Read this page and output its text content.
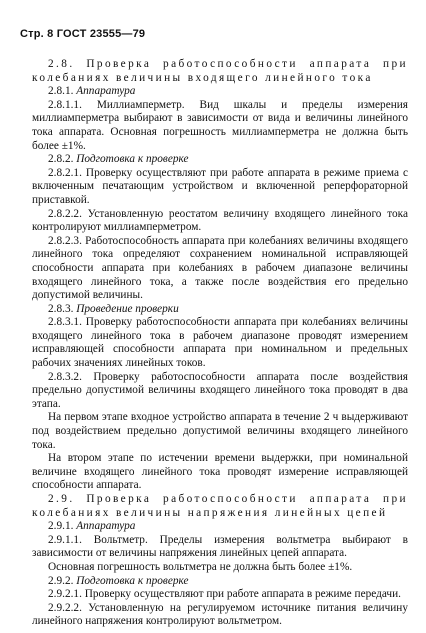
Стр. 8 ГОСТ 23555—79

2.8. Проверка работоспособности аппарата при колебаниях величины входящего линейного тока

2.8.1. Аппаратура

2.8.1.1. Миллиамперметр. Вид шкалы и пределы измерения миллиамперметра выбирают в зависимости от вида и величины линейного тока аппарата. Основная погрешность миллиамперметра не должна быть более ±1%.

2.8.2. Подготовка к проверке

2.8.2.1. Проверку осуществляют при работе аппарата в режиме приема с включенным печатающим устройством и включенной реперфораторной приставкой.

2.8.2.2. Установленную реостатом величину входящего линейного тока контролируют миллиамперметром.

2.8.2.3. Работоспособность аппарата при колебаниях величины входящего линейного тока определяют сохранением номинальной исправляющей способности аппарата при колебаниях в рабочем диапазоне величины входящего линейного тока, а также после воздействия его предельно допустимой величины.

2.8.3. Проведение проверки

2.8.3.1. Проверку работоспособности аппарата при колебаниях величины входящего линейного тока в рабочем диапазоне проводят измерением исправляющей способности аппарата при номинальном и предельных рабочих значениях линейных токов.

2.8.3.2. Проверку работоспособности аппарата после воздействия предельно допустимой величины входящего линейного тока проводят в два этапа.

На первом этапе входное устройство аппарата в течение 2 ч выдерживают под воздействием предельно допустимой величины входящего линейного тока.

На втором этапе по истечении времени выдержки, при номинальной величине входящего линейного тока проводят измерение исправляющей способности аппарата.

2.9. Проверка работоспособности аппарата при колебаниях величины напряжения линейных цепей

2.9.1. Аппаратура

2.9.1.1. Вольтметр. Пределы измерения вольтметра выбирают в зависимости от величины напряжения линейных цепей аппарата.

Основная погрешность вольтметра не должна быть более ±1%.

2.9.2. Подготовка к проверке

2.9.2.1. Проверку осуществляют при работе аппарата в режиме передачи.

2.9.2.2. Установленную на регулируемом источнике питания величину линейного напряжения контролируют вольтметром.
